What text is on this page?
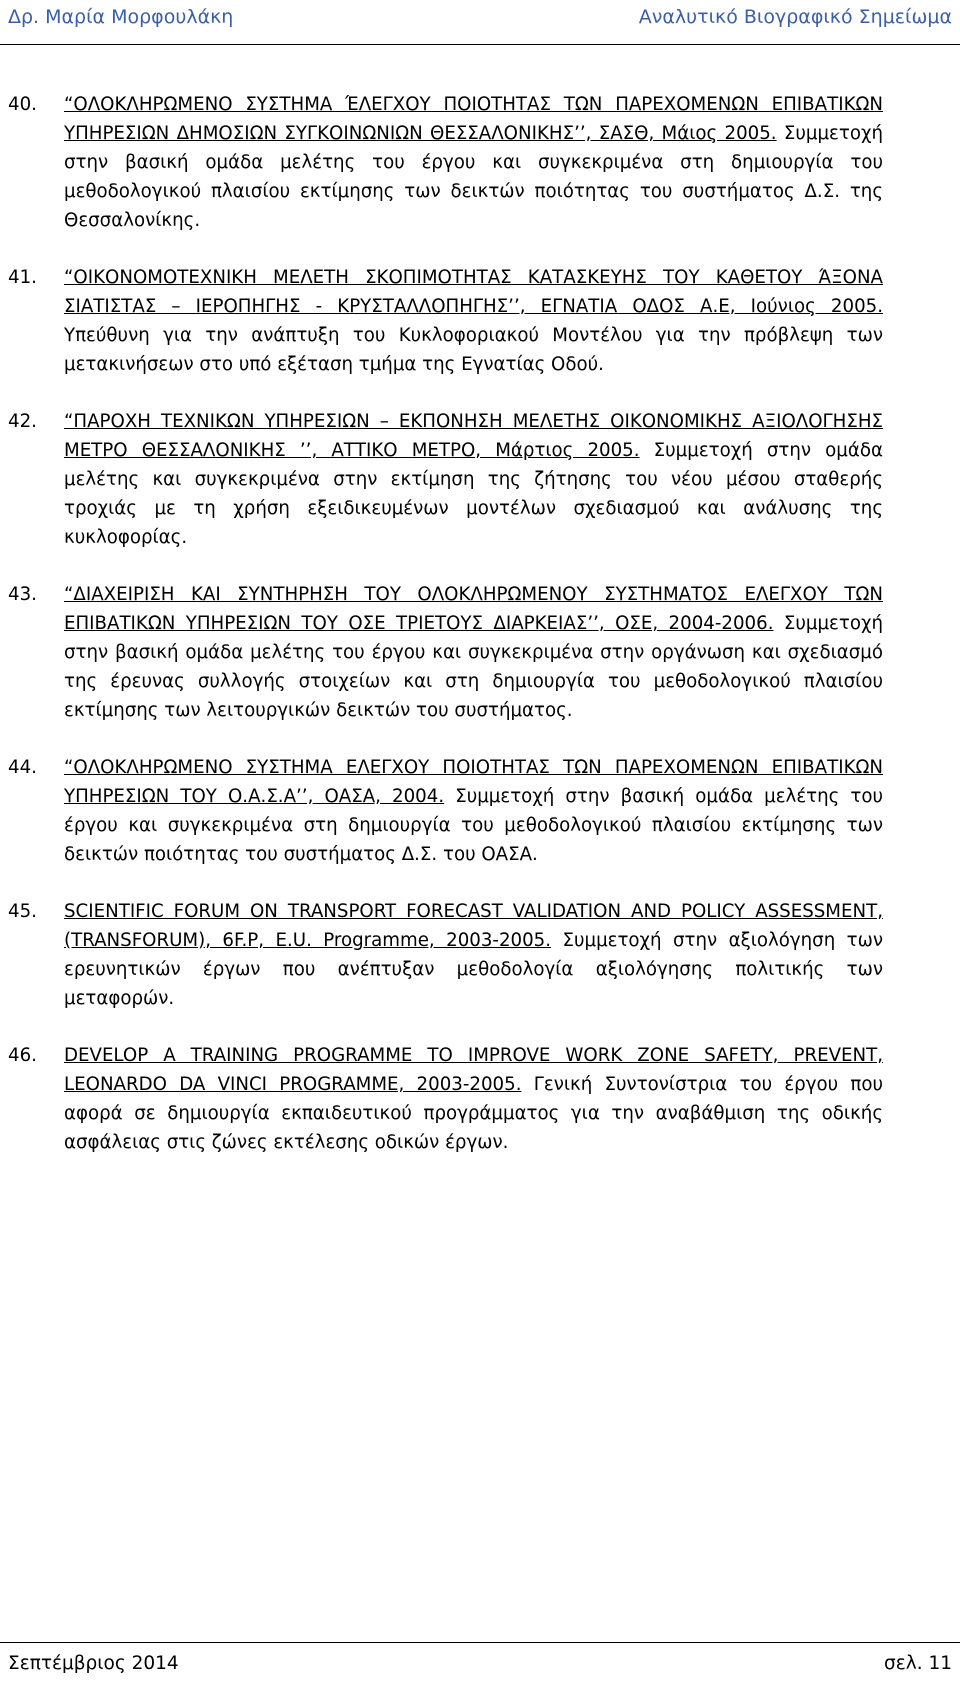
Δρ. Μαρία Μορφουλάκη	Αναλυτικό Βιογραφικό Σημείωμα
40.	“ΟΛΟΚΛΗΡΩΜΕΝΟ ΣΥΣΤΗΜΑ ΈΛΕΓΧΟΥ ΠΟΙΟΤΗΤΑΣ ΤΩΝ ΠΑΡΕΧΟΜΕΝΩΝ ΕΠΙΒΑΤΙΚΩΝ ΥΠΗΡΕΣΙΩΝ ΔΗΜΟΣΙΩΝ ΣΥΓΚΟΙΝΩΝΙΩΝ ΘΕΣΣΑΛΟΝΙΚΗΣ’’, ΣΑΣΘ, Μάιος 2005. Συμμετοχή στην βασική ομάδα μελέτης του έργου και συγκεκριμένα στη δημιουργία του μεθοδολογικού πλαισίου εκτίμησης των δεικτών ποιότητας του συστήματος Δ.Σ. της Θεσσαλονίκης.
41.	“ΟΙΚΟΝΟΜΟΤΕΧΝΙΚΗ ΜΕΛΕΤΗ ΣΚΟΠΙΜΟΤΗΤΑΣ ΚΑΤΑΣΚΕΥΗΣ ΤΟΥ ΚΑΘΕΤΟΥ ΆΞΟΝΑ ΣΙΑΤΙΣΤΑΣ – ΙΕΡΟΠΗΓΗΣ - ΚΡΥΣΤΑΛΛΟΠΗΓΗΣ’’, ΕΓΝΑΤΙΑ ΟΔΟΣ Α.Ε, Ιούνιος 2005. Υπεύθυνη για την ανάπτυξη του Κυκλοφοριακού Μοντέλου για την πρόβλεψη των μετακινήσεων στο υπό εξέταση τμήμα της Εγνατίας Οδού.
42.	“ΠΑΡΟΧΗ ΤΕΧΝΙΚΩΝ ΥΠΗΡΕΣΙΩΝ – ΕΚΠΟΝΗΣΗ ΜΕΛΕΤΗΣ ΟΙΚΟΝΟΜΙΚΗΣ ΑΞΙΟΛΟΓΗΣΗΣ ΜΕΤΡΟ ΘΕΣΣΑΛΟΝΙΚΗΣ ’’, ΑΤΤΙΚΟ ΜΕΤΡΟ, Μάρτιος 2005. Συμμετοχή στην ομάδα μελέτης και συγκεκριμένα στην εκτίμηση της ζήτησης του νέου μέσου σταθερής τροχιάς με τη χρήση εξειδικευμένων μοντέλων σχεδιασμού και ανάλυσης της κυκλοφορίας.
43.	“ΔΙΑΧΕΙΡΙΣΗ ΚΑΙ ΣΥΝΤΗΡΗΣΗ ΤΟΥ ΟΛΟΚΛΗΡΩΜΕΝΟΥ ΣΥΣΤΗΜΑΤΟΣ ΕΛΕΓΧΟΥ ΤΩΝ ΕΠΙΒΑΤΙΚΩΝ ΥΠΗΡΕΣΙΩΝ ΤΟΥ ΟΣΕ ΤΡΙΕΤΟΥΣ ΔΙΑΡΚΕΙΑΣ’’, ΟΣΕ, 2004-2006. Συμμετοχή στην βασική ομάδα μελέτης του έργου και συγκεκριμένα στην οργάνωση και σχεδιασμό της έρευνας συλλογής στοιχείων και στη δημιουργία του μεθοδολογικού πλαισίου εκτίμησης των λειτουργικών δεικτών του συστήματος.
44.	“ΟΛΟΚΛΗΡΩΜΕΝΟ ΣΥΣΤΗΜΑ ΕΛΕΓΧΟΥ ΠΟΙΟΤΗΤΑΣ ΤΩΝ ΠΑΡΕΧΟΜΕΝΩΝ ΕΠΙΒΑΤΙΚΩΝ ΥΠΗΡΕΣΙΩΝ ΤΟΥ Ο.Α.Σ.Α’’, ΟΑΣΑ, 2004. Συμμετοχή στην βασική ομάδα μελέτης του έργου και συγκεκριμένα στη δημιουργία του μεθοδολογικού πλαισίου εκτίμησης των δεικτών ποιότητας του συστήματος Δ.Σ. του ΟΑΣΑ.
45.	SCIENTIFIC FORUM ON TRANSPORT FORECAST VALIDATION AND POLICY ASSESSMENT, (TRANSFORUM), 6F.P, E.U. Programme, 2003-2005. Συμμετοχή στην αξιολόγηση των ερευνητικών έργων που ανέπτυξαν μεθοδολογία αξιολόγησης πολιτικής των μεταφορών.
46.	DEVELOP A TRAINING PROGRAMME TO IMPROVE WORK ZONE SAFETY, PREVENT, LEONARDO DA VINCI PROGRAMME, 2003-2005. Γενική Συντονίστρια του έργου που αφορά σε δημιουργία εκπαιδευτικού προγράμματος για την αναβάθμιση της οδικής ασφάλειας στις ζώνες εκτέλεσης οδικών έργων.
Σεπτέμβριος 2014	σελ. 11
